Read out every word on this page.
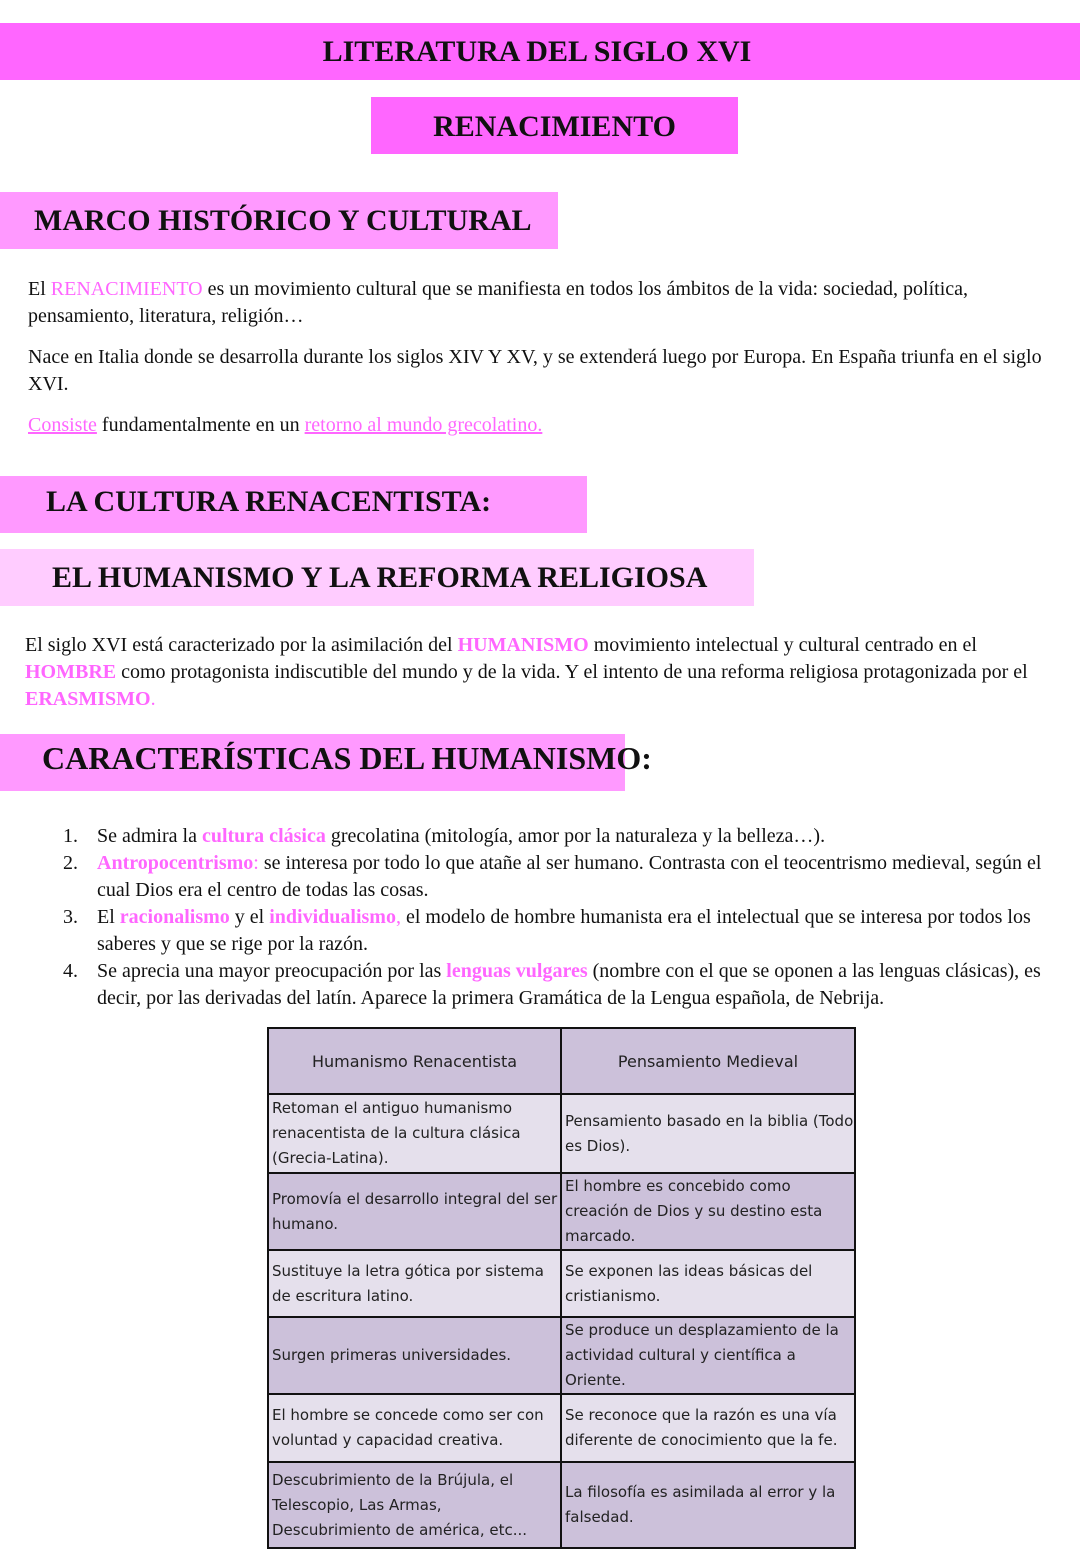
LITERATURA DEL SIGLO XVI
RENACIMIENTO
MARCO HISTÓRICO Y CULTURAL

El RENACIMIENTO es un movimiento cultural que se manifiesta en todos los ámbitos de la vida: sociedad, política, pensamiento, literatura, religión…

Nace en Italia donde se desarrolla durante los siglos XIV Y XV, y se extenderá luego por Europa. En España triunfa en el siglo XVI.

Consiste fundamentalmente en un retorno al mundo grecolatino.

LA CULTURA RENACENTISTA:
EL HUMANISMO Y LA REFORMA RELIGIOSA

El siglo XVI está caracterizado por la asimilación del HUMANISMO movimiento intelectual y cultural centrado en el HOMBRE como protagonista indiscutible del mundo y de la vida. Y el intento de una reforma religiosa protagonizada por el ERASMISMO.

CARACTERÍSTICAS DEL HUMANISMO:
1. Se admira la cultura clásica grecolatina (mitología, amor por la naturaleza y la belleza…).
2. Antropocentrismo: se interesa por todo lo que atañe al ser humano. Contrasta con el teocentrismo medieval, según el cual Dios era el centro de todas las cosas.
3. El racionalismo y el individualismo, el modelo de hombre humanista era el intelectual que se interesa por todos los saberes y que se rige por la razón.
4. Se aprecia una mayor preocupación por las lenguas vulgares (nombre con el que se oponen a las lenguas clásicas), es decir, por las derivadas del latín. Aparece la primera Gramática de la Lengua española, de Nebrija.
Humanismo Renacentista	Pensamiento Medieval
Retoman el antiguo humanismo renacentista de la cultura clásica (Grecia-Latina).	Pensamiento basado en la biblia (Todo es Dios).
Promovía el desarrollo integral del ser humano.	El hombre es concebido como creación de Dios y su destino esta marcado.
Sustituye la letra gótica por sistema de escritura latino.	Se exponen las ideas básicas del cristianismo.
Surgen primeras universidades.	Se produce un desplazamiento de la actividad cultural y científica a Oriente.
El hombre se concede como ser con voluntad y capacidad creativa.	Se reconoce que la razón es una vía diferente de conocimiento que la fe.
Descubrimiento de la Brújula, el Telescopio, Las Armas, Descubrimiento de américa, etc...	La filosofía es asimilada al error y la falsedad.
